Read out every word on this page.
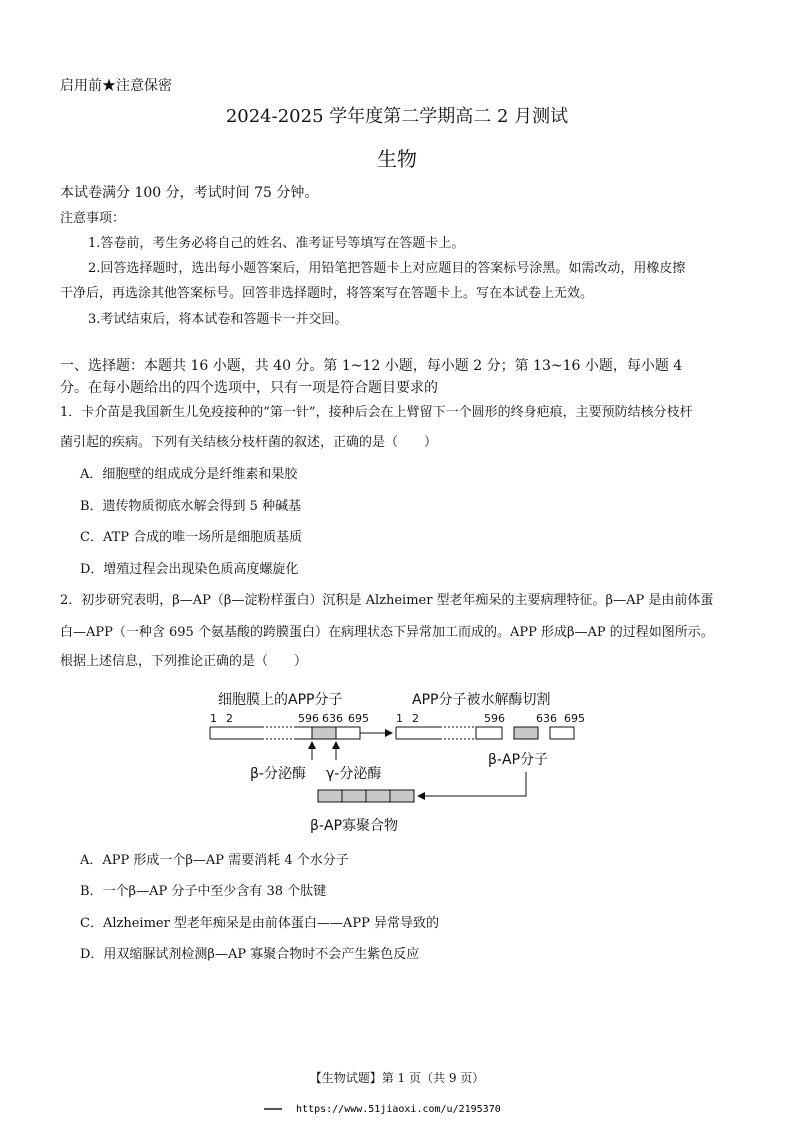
启用前★注意保密
2024-2025 学年度第二学期高二 2 月测试
生物
本试卷满分 100 分，考试时间 75 分钟。
注意事项：
1.答卷前，考生务必将自己的姓名、准考证号等填写在答题卡上。
2.回答选择题时，选出每小题答案后，用铅笔把答题卡上对应题目的答案标号涂黑。如需改动，用橡皮擦
干净后，再选涂其他答案标号。回答非选择题时，将答案写在答题卡上。写在本试卷上无效。
3.考试结束后，将本试卷和答题卡一并交回。
一、选择题：本题共 16 小题，共 40 分。第 1~12 小题，每小题 2 分；第 13~16 小题，每小题 4
分。在每小题给出的四个选项中，只有一项是符合题目要求的
1．卡介苗是我国新生儿免疫接种的“第一针”，接种后会在上臂留下一个圆形的终身疤痕，主要预防结核分枝杆
菌引起的疾病。下列有关结核分枝杆菌的叙述，正确的是（　　）
A．细胞壁的组成成分是纤维素和果胶
B．遗传物质彻底水解会得到 5 种碱基
C．ATP 合成的唯一场所是细胞质基质
D．增殖过程会出现染色质高度螺旋化
2．初步研究表明，β—AP（β—淀粉样蛋白）沉积是 Alzheimer 型老年痴呆的主要病理特征。β—AP 是由前体蛋
白—APP（一种含 695 个氨基酸的跨膜蛋白）在病理状态下异常加工而成的。APP 形成β—AP 的过程如图所示。
根据上述信息，下列推论正确的是（　　）
细胞膜上的APP分子	APP分子被水解酶切割
1 2	596 636 695 1 2	596	636 695
β-分泌酶 γ-分泌酶
β-AP分子
β-AP寡聚合物
A．APP 形成一个β—AP 需要消耗 4 个水分子
B．一个β—AP 分子中至少含有 38 个肽键
C．Alzheimer 型老年痴呆是由前体蛋白——APP 异常导致的
D．用双缩脲试剂检测β—AP 寡聚合物时不会产生紫色反应
【生物试题】第 1 页（共 9 页）
https://www.51jiaoxi.com/u/2195370
